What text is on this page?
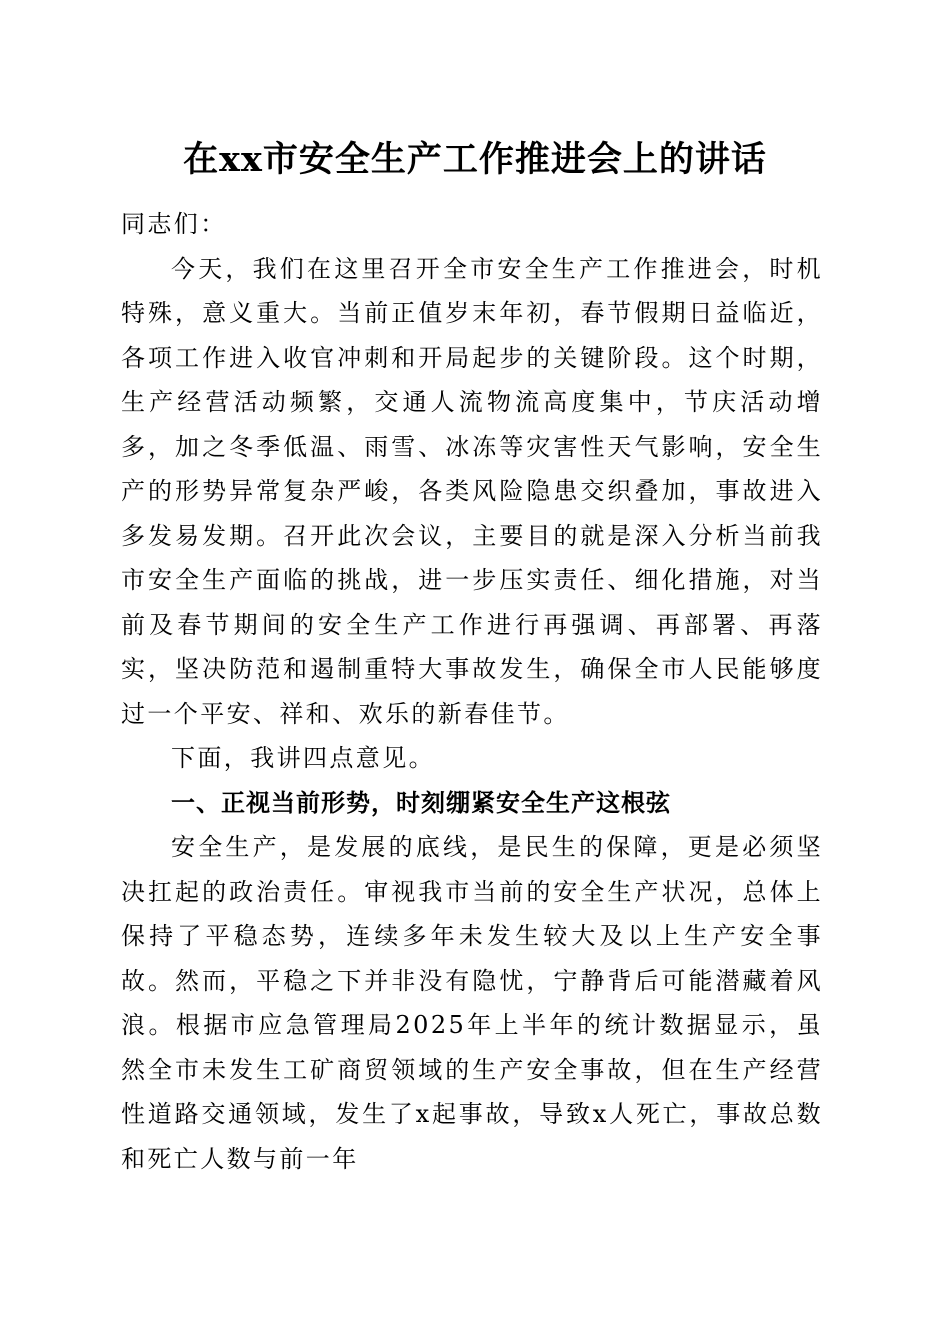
在xx市安全生产工作推进会上的讲话

同志们：

今天，我们在这里召开全市安全生产工作推进会，时机特殊，意义重大。当前正值岁末年初，春节假期日益临近，各项工作进入收官冲刺和开局起步的关键阶段。这个时期，生产经营活动频繁，交通人流物流高度集中，节庆活动增多，加之冬季低温、雨雪、冰冻等灾害性天气影响，安全生产的形势异常复杂严峻，各类风险隐患交织叠加，事故进入多发易发期。召开此次会议，主要目的就是深入分析当前我市安全生产面临的挑战，进一步压实责任、细化措施，对当前及春节期间的安全生产工作进行再强调、再部署、再落实，坚决防范和遏制重特大事故发生，确保全市人民能够度过一个平安、祥和、欢乐的新春佳节。

下面，我讲四点意见。

一、正视当前形势，时刻绷紧安全生产这根弦

安全生产，是发展的底线，是民生的保障，更是必须坚决扛起的政治责任。审视我市当前的安全生产状况，总体上保持了平稳态势，连续多年未发生较大及以上生产安全事故。然而，平稳之下并非没有隐忧，宁静背后可能潜藏着风浪。根据市应急管理局2025年上半年的统计数据显示，虽然全市未发生工矿商贸领域的生产安全事故，但在生产经营性道路交通领域，发生了x起事故，导致x人死亡，事故总数和死亡人数与前一年
